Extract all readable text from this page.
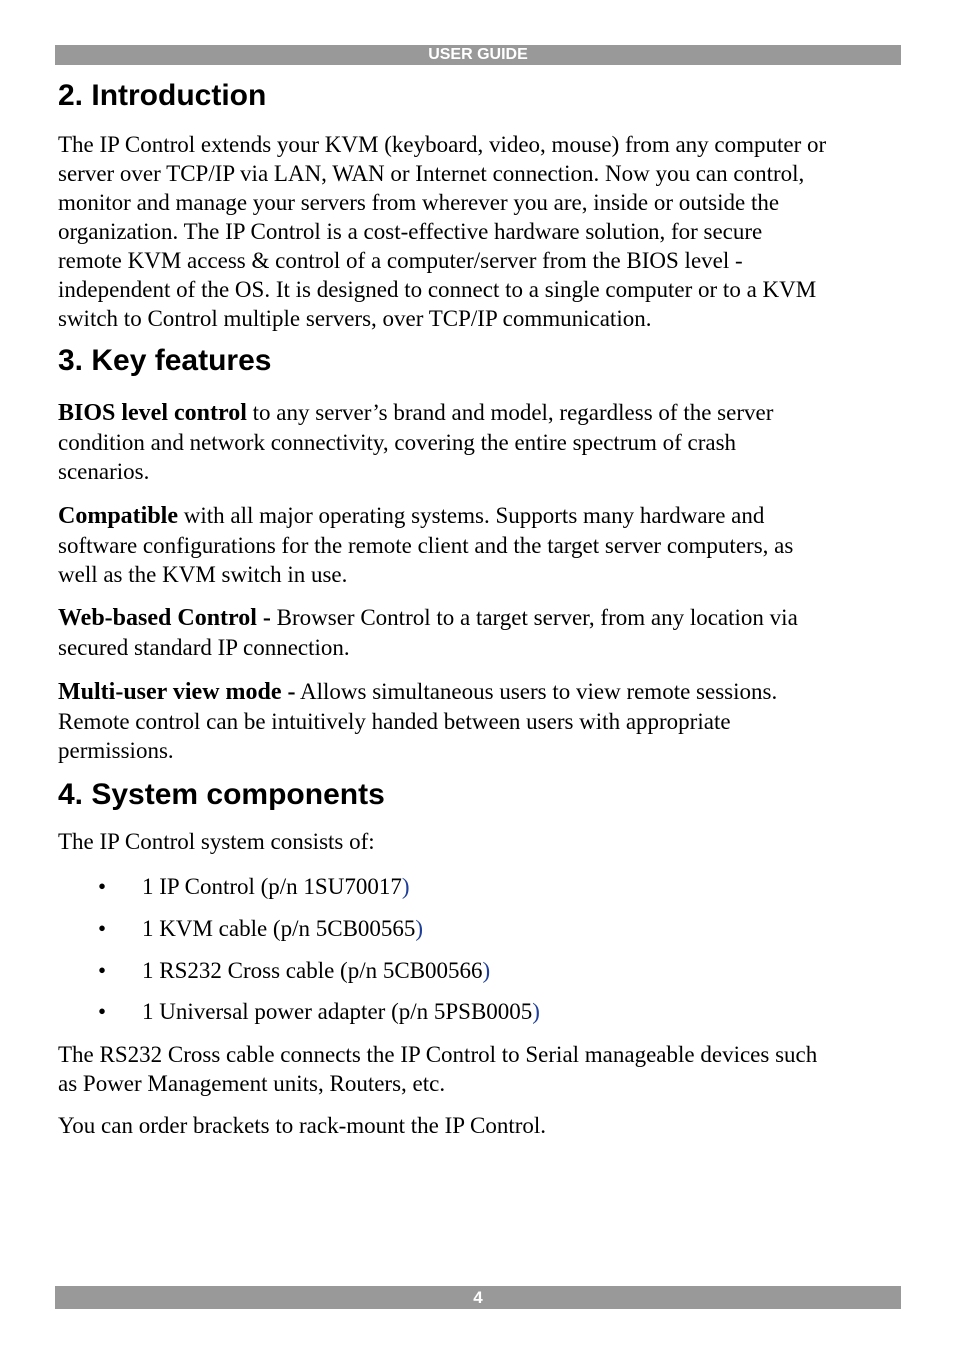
USER GUIDE
2. Introduction
The IP Control extends your KVM (keyboard, video, mouse) from any computer or
server over TCP/IP via LAN, WAN or Internet connection. Now you can control,
monitor and manage your servers from wherever you are, inside or outside the
organization. The IP Control is a cost-effective hardware solution, for secure
remote KVM access & control of a computer/server from the BIOS level -
independent of the OS. It is designed to connect to a single computer or to a KVM
switch to Control multiple servers, over TCP/IP communication.
3. Key features
BIOS level control to any server’s brand and model, regardless of the server
condition and network connectivity, covering the entire spectrum of crash
scenarios.
Compatible with all major operating systems. Supports many hardware and
software configurations for the remote client and the target server computers, as
well as the KVM switch in use.
Web-based Control - Browser Control to a target server, from any location via
secured standard IP connection.
Multi-user view mode - Allows simultaneous users to view remote sessions.
Remote control can be intuitively handed between users with appropriate
permissions.
4. System components
The IP Control system consists of:
• 1 IP Control (p/n 1SU70017)
• 1 KVM cable (p/n 5CB00565)
• 1 RS232 Cross cable (p/n 5CB00566)
• 1 Universal power adapter (p/n 5PSB0005)
The RS232 Cross cable connects the IP Control to Serial manageable devices such
as Power Management units, Routers, etc.
You can order brackets to rack-mount the IP Control.
4
